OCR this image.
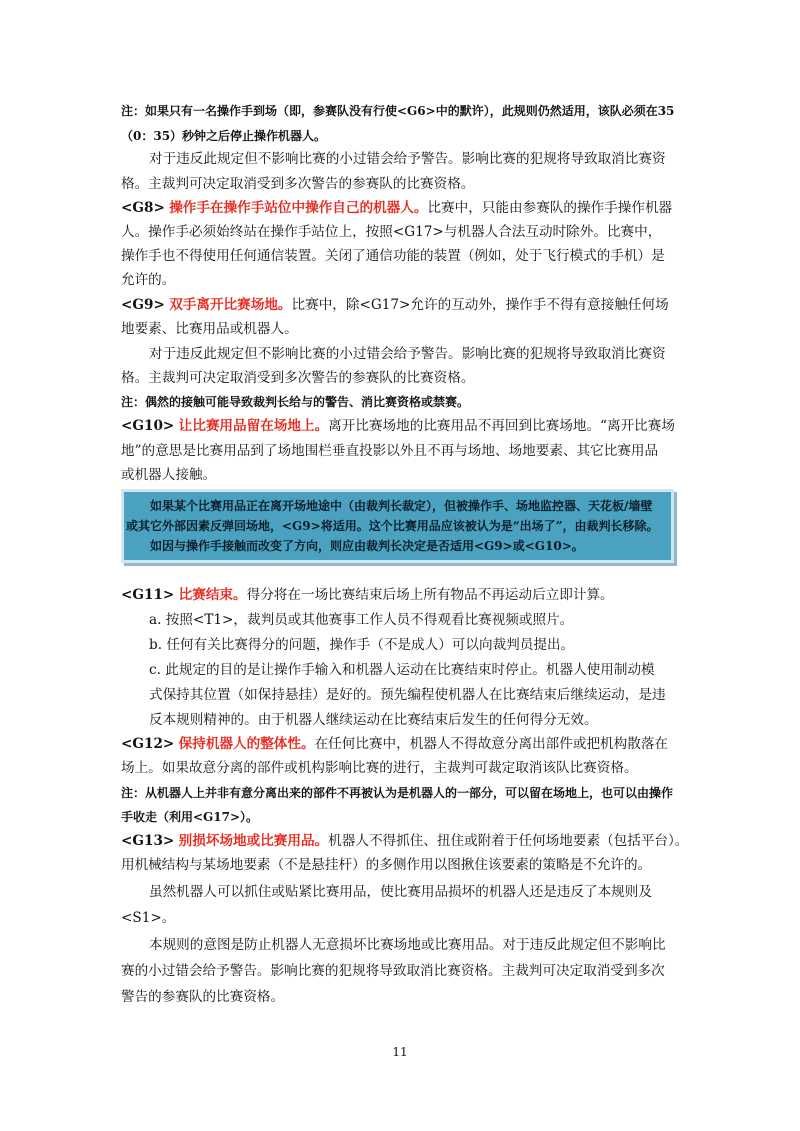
注：如果只有一名操作手到场（即，参赛队没有行使<G6>中的默许），此规则仍然适用，该队必须在35
（0：35）秒钟之后停止操作机器人。
对于违反此规定但不影响比赛的小过错会给予警告。影响比赛的犯规将导致取消比赛资
格。主裁判可决定取消受到多次警告的参赛队的比赛资格。
<G8> 操作手在操作手站位中操作自己的机器人。比赛中，只能由参赛队的操作手操作机器
人。操作手必须始终站在操作手站位上，按照<G17>与机器人合法互动时除外。比赛中，
操作手也不得使用任何通信装置。关闭了通信功能的装置（例如，处于飞行模式的手机）是
允许的。
<G9> 双手离开比赛场地。比赛中，除<G17>允许的互动外，操作手不得有意接触任何场
地要素、比赛用品或机器人。
对于违反此规定但不影响比赛的小过错会给予警告。影响比赛的犯规将导致取消比赛资
格。主裁判可决定取消受到多次警告的参赛队的比赛资格。
注：偶然的接触可能导致裁判长给与的警告、消比赛资格或禁赛。
<G10> 让比赛用品留在场地上。离开比赛场地的比赛用品不再回到比赛场地。“离开比赛场
地”的意思是比赛用品到了场地围栏垂直投影以外且不再与场地、场地要素、其它比赛用品
或机器人接触。
如果某个比赛用品正在离开场地途中（由裁判长裁定），但被操作手、场地监控器、天花板/墙壁
或其它外部因素反弹回场地，<G9>将适用。这个比赛用品应该被认为是“出场了”，由裁判长移除。
如因与操作手接触而改变了方向，则应由裁判长决定是否适用<G9>或<G10>。
<G11> 比赛结束。得分将在一场比赛结束后场上所有物品不再运动后立即计算。
a. 按照<T1>，裁判员或其他赛事工作人员不得观看比赛视频或照片。
b. 任何有关比赛得分的问题，操作手（不是成人）可以向裁判员提出。
c. 此规定的目的是让操作手输入和机器人运动在比赛结束时停止。机器人使用制动模
式保持其位置（如保持悬挂）是好的。预先编程使机器人在比赛结束后继续运动，是违
反本规则精神的。由于机器人继续运动在比赛结束后发生的任何得分无效。
<G12> 保持机器人的整体性。在任何比赛中，机器人不得故意分离出部件或把机构散落在
场上。如果故意分离的部件或机构影响比赛的进行，主裁判可裁定取消该队比赛资格。
注：从机器人上并非有意分离出来的部件不再被认为是机器人的一部分，可以留在场地上，也可以由操作
手收走（利用<G17>）。
<G13> 别损坏场地或比赛用品。机器人不得抓住、扭住或附着于任何场地要素（包括平台）。
用机械结构与某场地要素（不是悬挂杆）的多侧作用以图揪住该要素的策略是不允许的。
虽然机器人可以抓住或贴紧比赛用品，使比赛用品损坏的机器人还是违反了本规则及
<S1>。
本规则的意图是防止机器人无意损坏比赛场地或比赛用品。对于违反此规定但不影响比
赛的小过错会给予警告。影响比赛的犯规将导致取消比赛资格。主裁判可决定取消受到多次
警告的参赛队的比赛资格。
11
